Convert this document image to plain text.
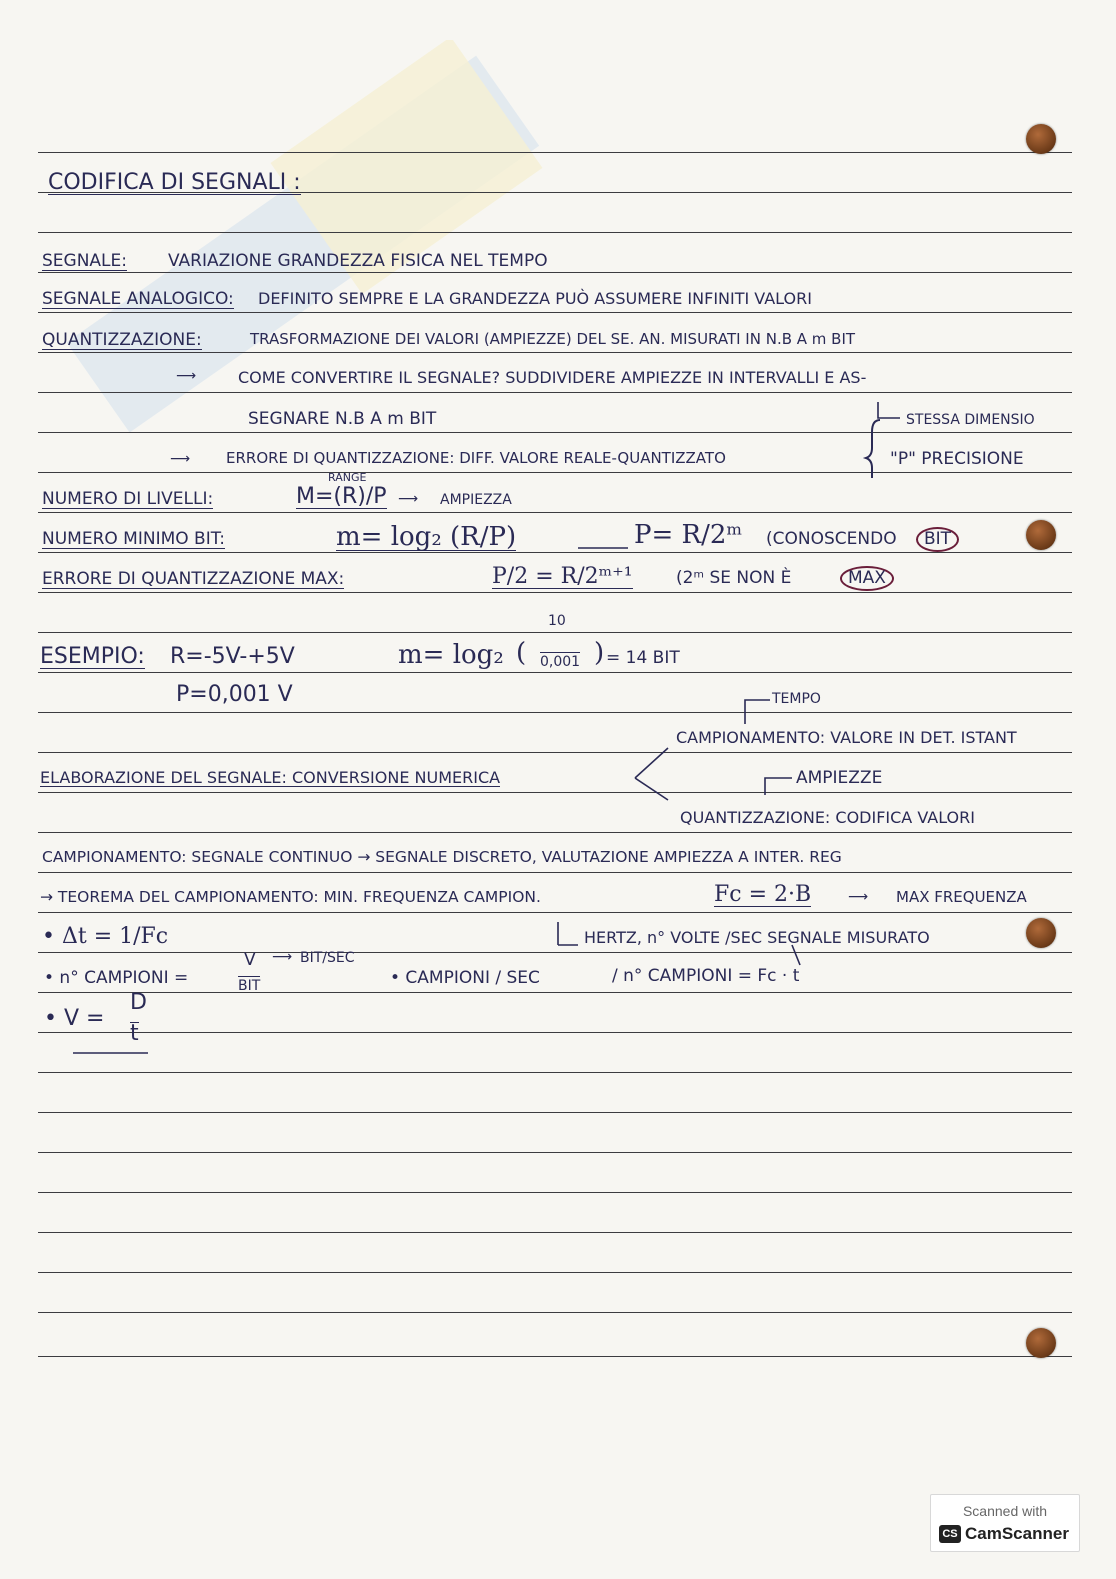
CODIFICA DI SEGNALI :
SEGNALE: VARIAZIONE GRANDEZZA FISICA NEL TEMPO
SEGNALE ANALOGICO: DEFINITO SEMPRE E LA GRANDEZZA PUÒ ASSUMERE INFINITI VALORI
QUANTIZZAZIONE:	TRASFORMAZIONE DEI VALORI (AMPIEZZE) DEL SE. AN. MISURATI IN N.B A m BIT
⟶	COME CONVERTIRE IL SEGNALE? SUDDIVIDERE AMPIEZZE IN INTERVALLI E AS-
SEGNARE N.B A m BIT	STESSA DIMENSIO
⟶ ERRORE DI QUANTIZZAZIONE: DIFF. VALORE REALE-QUANTIZZATO	"P" PRECISIONE
NUMERO DI LIVELLI:
RANGE
M=(R)/P ⟶ AMPIEZZA
NUMERO MINIMO BIT:	m= log₂ (R/P)	P= R/2ᵐ (CONOSCENDO	BIT
ERRORE DI QUANTIZZAZIONE MAX:	P/2 = R/2ᵐ⁺¹	(2ᵐ SE NON È	MAX
ESEMPIO: R=-5V-+5V
P=0,001 V
m= log₂ (
10
0,001 ) = 14 BIT
TEMPO
CAMPIONAMENTO: VALORE IN DET. ISTANT
ELABORAZIONE DEL SEGNALE: CONVERSIONE NUMERICA	AMPIEZZE
QUANTIZZAZIONE: CODIFICA VALORI
CAMPIONAMENTO: SEGNALE CONTINUO → SEGNALE DISCRETO, VALUTAZIONE AMPIEZZA A INTER. REG
→ TEOREMA DEL CAMPIONAMENTO: MIN. FREQUENZA CAMPION.	Fc = 2·B	⟶ MAX FREQUENZA
• Δt = 1/Fc	HERTZ, n° VOLTE /SEC SEGNALE MISURATO
⟶ BIT/SEC
• n° CAMPIONI =
V
BIT	• CAMPIONI / SEC	/ n° CAMPIONI = Fc · t
• V =
D
t
Scanned with
CS CamScanner
